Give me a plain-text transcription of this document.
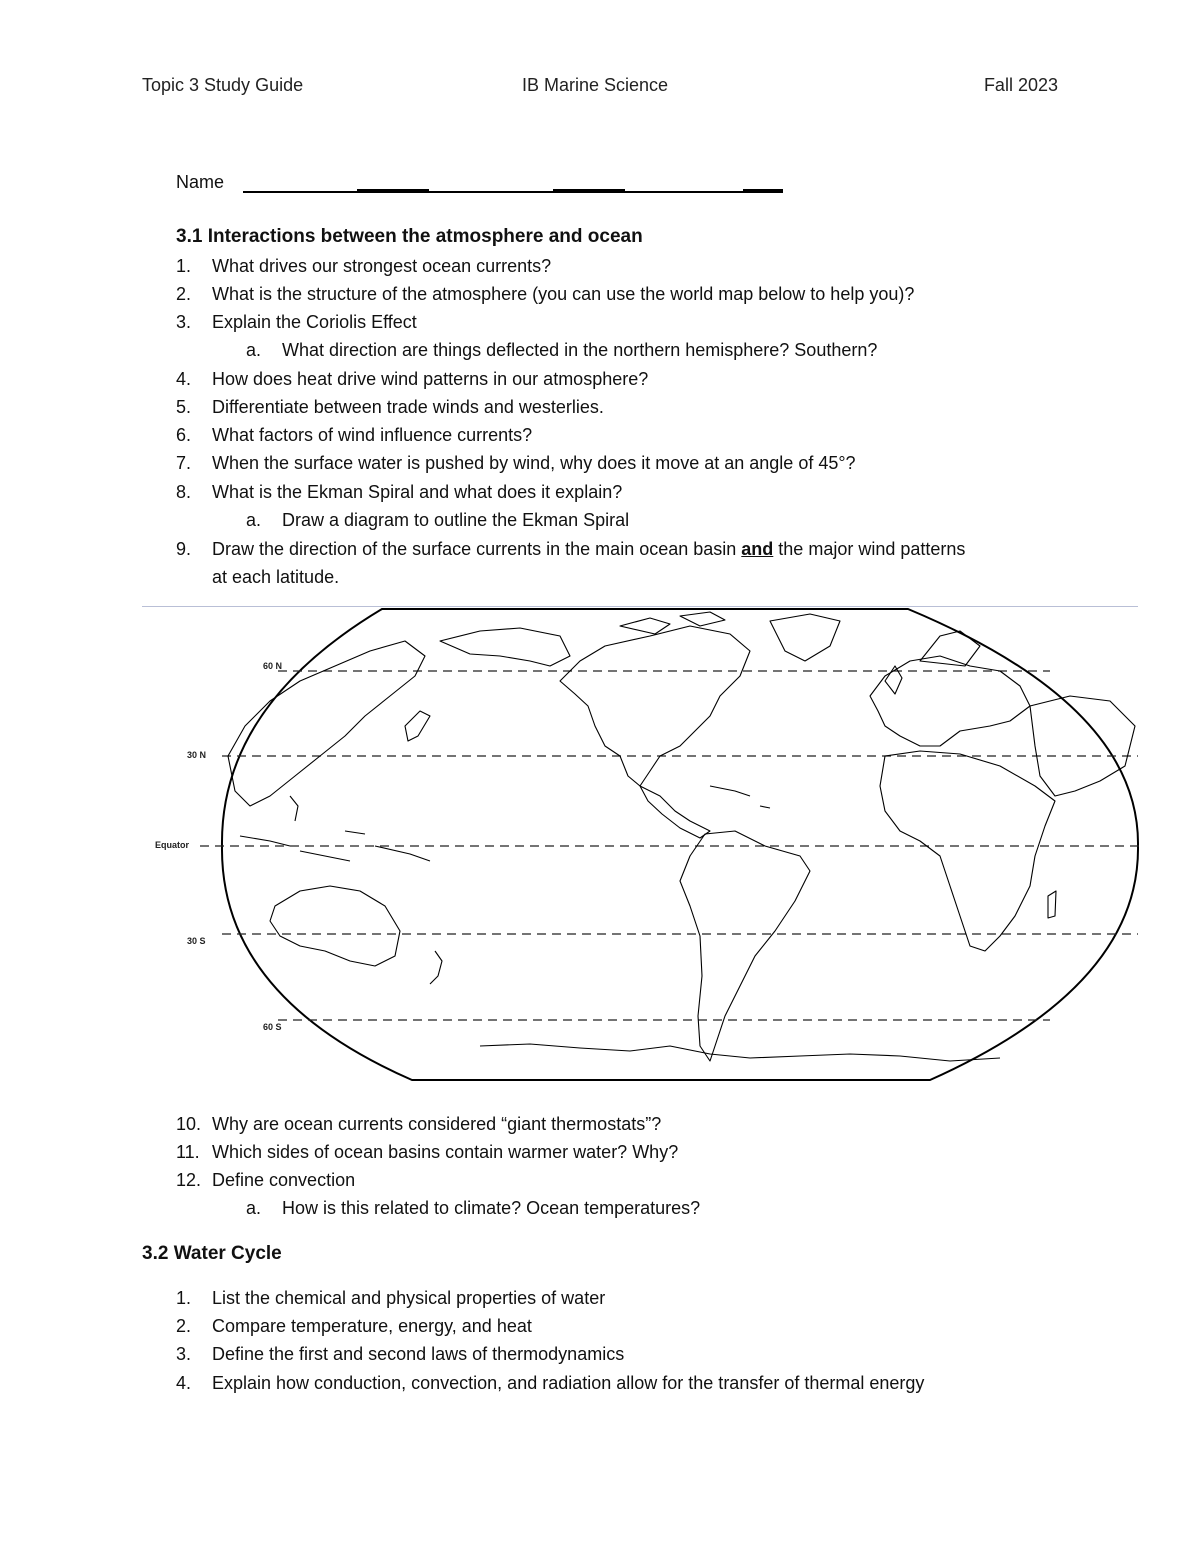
Topic 3 Study Guide	IB Marine Science	Fall 2023
Name
3.1 Interactions between the atmosphere and ocean
1.	What drives our strongest ocean currents?
2.	What is the structure of the atmosphere (you can use the world map below to help you)?
3.	Explain the Coriolis Effect
a.	What direction are things deflected in the northern hemisphere? Southern?
4.	How does heat drive wind patterns in our atmosphere?
5.	Differentiate between trade winds and westerlies.
6.	What factors of wind influence currents?
7.	When the surface water is pushed by wind, why does it move at an angle of 45°?
8.	What is the Ekman Spiral and what does it explain?
a.	Draw a diagram to outline the Ekman Spiral
9.	Draw the direction of the surface currents in the main ocean basin and the major wind patterns
at each latitude.
60 N
30 N
Equator
30 S
60 S
10. Why are ocean currents considered “giant thermostats”?
11. Which sides of ocean basins contain warmer water? Why?
12. Define convection
a.	How is this related to climate? Ocean temperatures?
3.2 Water Cycle
1.	List the chemical and physical properties of water
2.	Compare temperature, energy, and heat
3.	Define the first and second laws of thermodynamics
4.	Explain how conduction, convection, and radiation allow for the transfer of thermal energy
